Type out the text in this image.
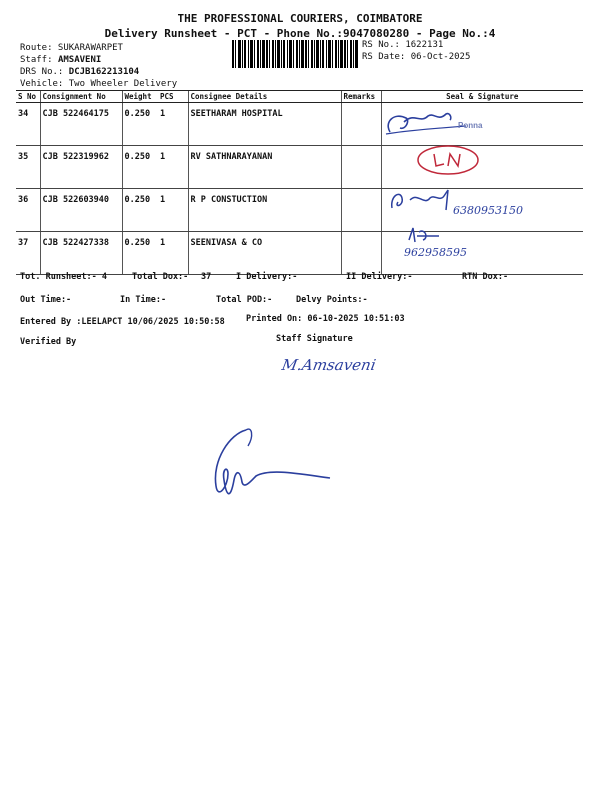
THE PROFESSIONAL COURIERS, COIMBATORE
Delivery Runsheet - PCT - Phone No.:9047080280 - Page No.:4
Route: SUKARAWARPET
Staff: AMSAVENI
DRS No.: DCJB162213104
Vehicle: Two Wheeler Delivery
RS No.: 1622131
RS Date: 06-Oct-2025
S No	Consignment No	Weight	PCS	Consignee Details	Remarks	Seal & Signature
34	CJB 522464175	0.250	1	SEETHARAM HOSPITAL		
35	CJB 522319962	0.250	1	RV SATHNARAYANAN		
36	CJB 522603940	0.250	1	R P CONSTUCTION		
37	CJB 522427338	0.250	1	SEENIVASA & CO		
Ponna
6380953150
962958595
Tot. Runsheet:- 4	Total Dox:- 37	I Delivery:-	II Delivery:-	RTN Dox:-
Out Time:-	In Time:-	Total POD:-	Delvy Points:-
Entered By :LEELAPCT 10/06/2025 10:50:58	Printed On: 06-10-2025 10:51:03
Verified By	Staff Signature
M.Amsaveni
